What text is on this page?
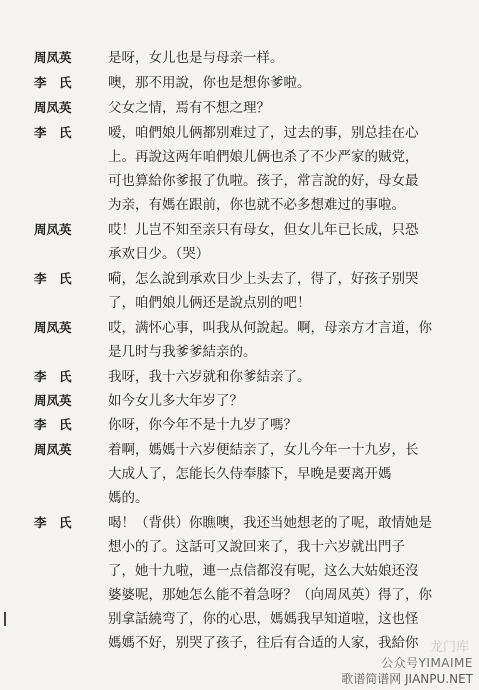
周凤英	是呀，女儿也是与母亲一样。
李　氏	噢，那不用說，你也是想你爹啦。
周凤英	父女之情，焉有不想之理？
李　氏	嗳，咱們娘儿俩都别难过了，过去的事，别总挂在心
上。再說这两年咱們娘儿俩也杀了不少严家的贼党，
可也算給你爹报了仇啦。孩子，常言說的好，母女最
为亲，有媽在跟前，你也就不必多想难过的事啦。
周凤英	哎！儿岂不知至亲只有母女，但女儿年已长成，只恐
承欢日少。（哭）
李　氏	嗬，怎么說到承欢日少上头去了，得了，好孩子别哭
了，咱們娘儿俩还是說点别的吧！
周凤英	哎，满怀心事，叫我从何說起。啊，母亲方才言道，你
是几时与我爹爹結亲的。
李　氏	我呀，我十六岁就和你爹結亲了。
周凤英	如今女儿多大年岁了？
李　氏	你呀，你今年不是十九岁了嗎？
周凤英	着啊，媽媽十六岁便結亲了，女儿今年一十九岁，长
大成人了，怎能长久侍奉膝下，早晚是要离开媽
媽的。
李　氏	喝！（背供）你瞧噢，我还当她想老的了呢，敢情她是
想小的了。这話可又說回来了，我十六岁就出門子
了，她十九啦，連一点信都沒有呢，这么大姑娘还沒
婆婆呢，那她怎么能不着急呀？（向周凤英）得了，你
别拿話繞弯了，你的心思，媽媽我早知道啦，这也怪
媽媽不好，别哭了孩子，往后有合适的人家，我給你 龙门库
公众号YIMAIME
歌谱简谱网 JIANPU.NET
